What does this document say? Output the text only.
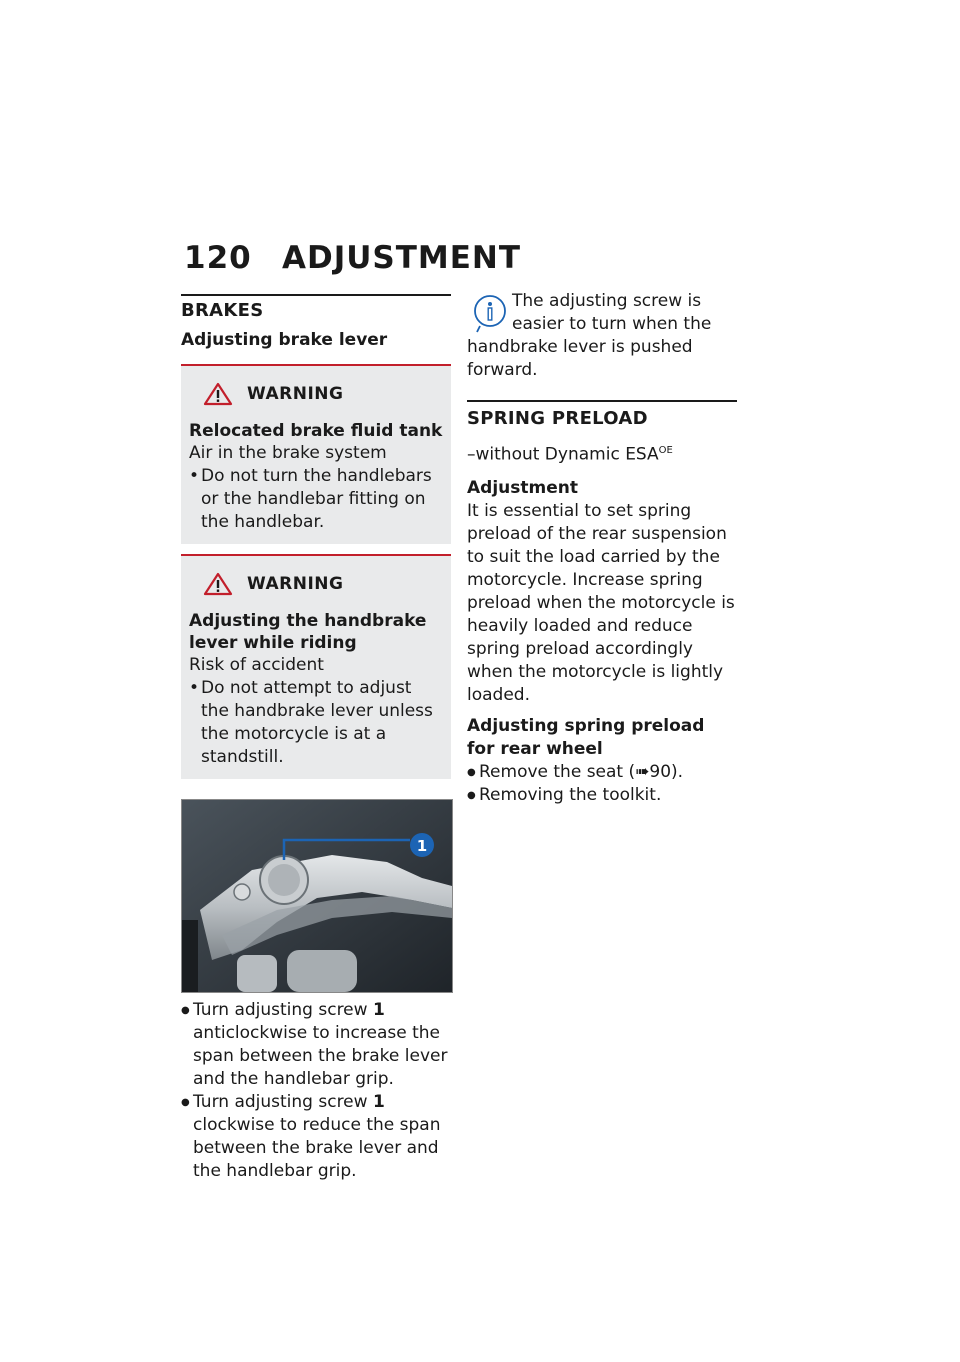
120 ADJUSTMENT
BRAKES
Adjusting brake lever
WARNING
Relocated brake fluid tank

Air in the brake system

• Do not turn the handlebars or the handlebar fitting on the handlebar.
WARNING
Adjusting the handbrake lever while riding

Risk of accident

• Do not attempt to adjust the handbrake lever unless the motorcycle is at a standstill.
1
● Turn adjusting screw 1 anticlockwise to increase the span between the brake lever and the handlebar grip.
● Turn adjusting screw 1 clockwise to reduce the span between the brake lever and the handlebar grip.

The adjusting screw is easier to turn when the

handbrake lever is pushed forward.

SPRING PRELOAD

–without Dynamic $ESA^{OE}$

Adjustment

It is essential to set spring preload of the rear suspension to suit the load carried by the motorcycle. Increase spring preload when the motorcycle is heavily loaded and reduce spring preload accordingly when the motorcycle is lightly loaded.

Adjusting spring preload for rear wheel
● Remove the seat (➠90).
● Removing the toolkit.
